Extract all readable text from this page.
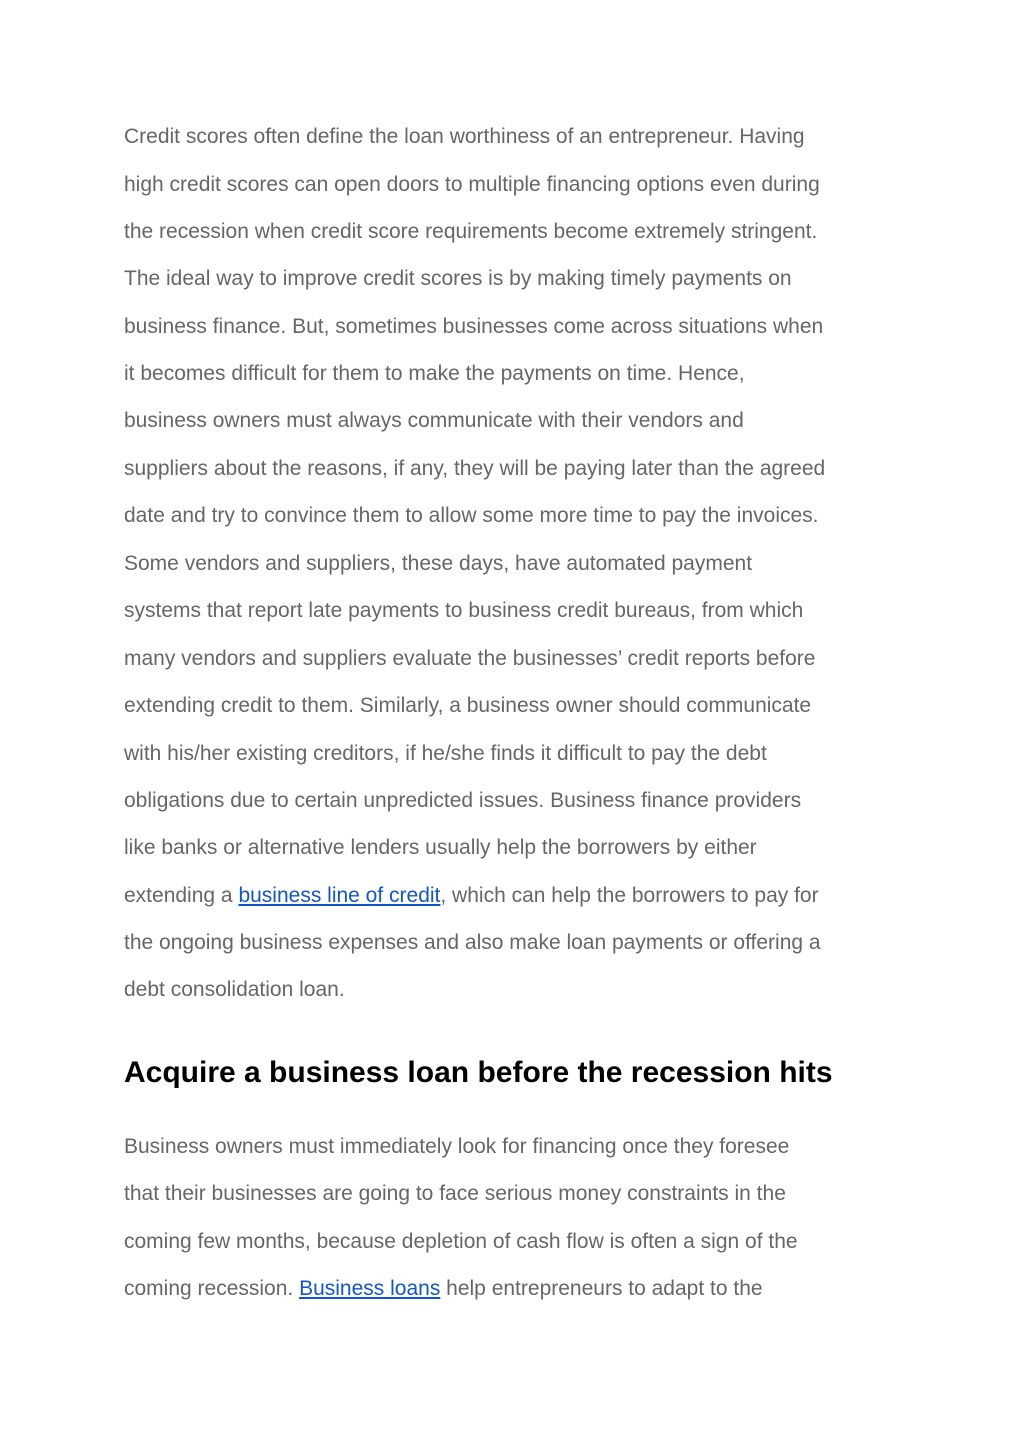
Credit scores often define the loan worthiness of an entrepreneur. Having

high credit scores can open doors to multiple financing options even during

the recession when credit score requirements become extremely stringent.

The ideal way to improve credit scores is by making timely payments on

business finance. But, sometimes businesses come across situations when

it becomes difficult for them to make the payments on time. Hence,

business owners must always communicate with their vendors and

suppliers about the reasons, if any, they will be paying later than the agreed

date and try to convince them to allow some more time to pay the invoices.

Some vendors and suppliers, these days, have automated payment

systems that report late payments to business credit bureaus, from which

many vendors and suppliers evaluate the businesses’ credit reports before

extending credit to them. Similarly, a business owner should communicate

with his/her existing creditors, if he/she finds it difficult to pay the debt

obligations due to certain unpredicted issues. Business finance providers

like banks or alternative lenders usually help the borrowers by either

extending a business line of credit, which can help the borrowers to pay for

the ongoing business expenses and also make loan payments or offering a

debt consolidation loan.

Acquire a business loan before the recession hits

Business owners must immediately look for financing once they foresee

that their businesses are going to face serious money constraints in the

coming few months, because depletion of cash flow is often a sign of the

coming recession. Business loans help entrepreneurs to adapt to the
